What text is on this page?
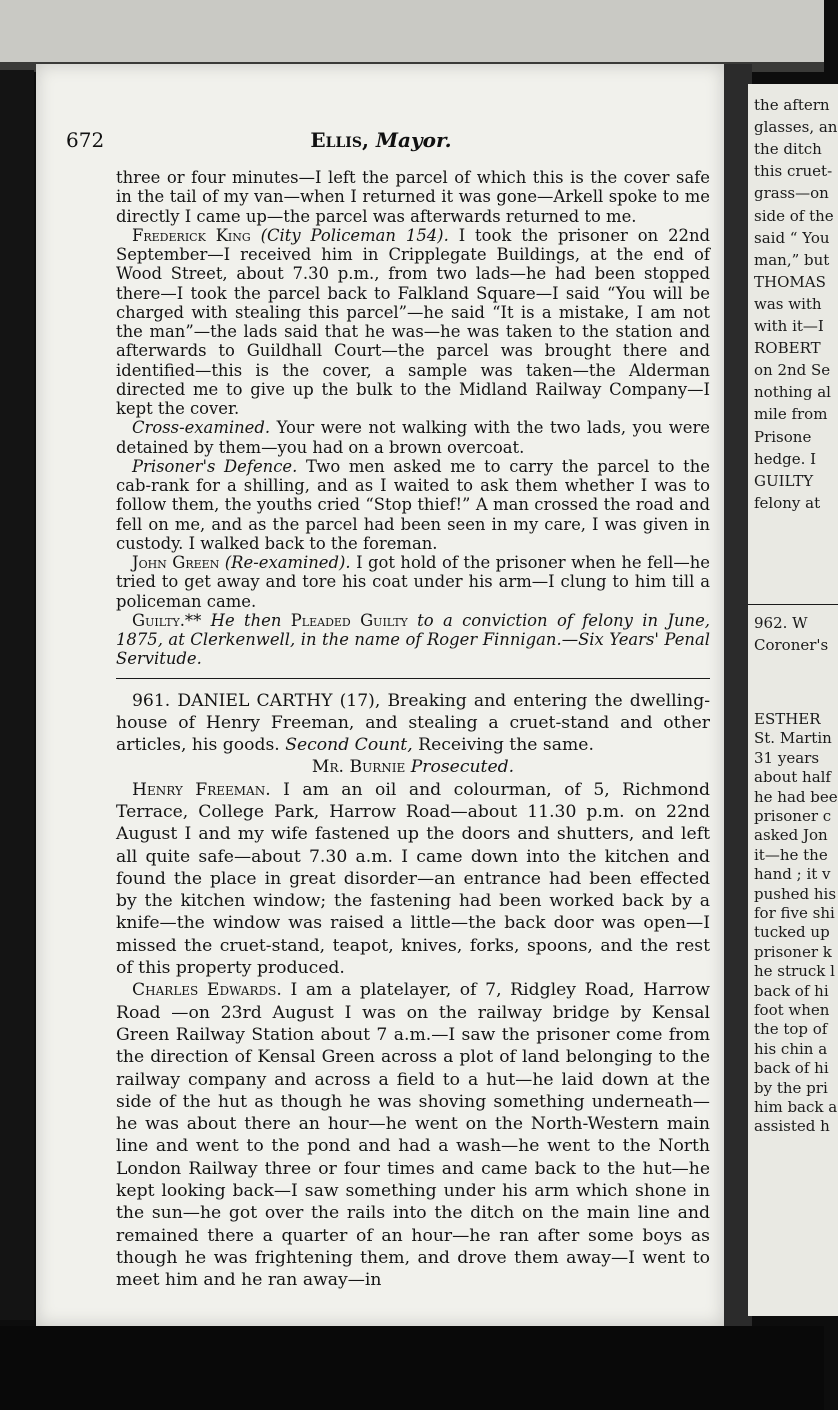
672	Ellis, Mayor.

three or four minutes—I left the parcel of which this is the cover safe in the tail of my van—when I returned it was gone—Arkell spoke to me directly I came up—the parcel was afterwards returned to me.

Frederick King (City Policeman 154). I took the prisoner on 22nd September—I received him in Cripplegate Buildings, at the end of Wood Street, about 7.30 p.m., from two lads—he had been stopped there—I took the parcel back to Falkland Square—I said “You will be charged with stealing this parcel”—he said “It is a mistake, I am not the man”—the lads said that he was—he was taken to the station and afterwards to Guildhall Court—the parcel was brought there and identified—this is the cover, a sample was taken—the Alderman directed me to give up the bulk to the Midland Railway Company—I kept the cover.

Cross-examined. Your were not walking with the two lads, you were detained by them—you had on a brown overcoat.

Prisoner's Defence. Two men asked me to carry the parcel to the cab-rank for a shilling, and as I waited to ask them whether I was to follow them, the youths cried “Stop thief!” A man crossed the road and fell on me, and as the parcel had been seen in my care, I was given in custody. I walked back to the foreman.

John Green (Re-examined). I got hold of the prisoner when he fell—he tried to get away and tore his coat under his arm—I clung to him till a policeman came.

Guilty.** He then Pleaded Guilty to a conviction of felony in June, 1875, at Clerkenwell, in the name of Roger Finnigan.—Six Years' Penal Servitude.

961. DANIEL CARTHY (17), Breaking and entering the dwelling-house of Henry Freeman, and stealing a cruet-stand and other articles, his goods. Second Count, Receiving the same.

Mr. Burnie Prosecuted.

Henry Freeman. I am an oil and colourman, of 5, Richmond Terrace, College Park, Harrow Road—about 11.30 p.m. on 22nd August I and my wife fastened up the doors and shutters, and left all quite safe—about 7.30 a.m. I came down into the kitchen and found the place in great disorder—an entrance had been effected by the kitchen window; the fastening had been worked back by a knife—the window was raised a little—the back door was open—I missed the cruet-stand, teapot, knives, forks, spoons, and the rest of this property produced.

Charles Edwards. I am a platelayer, of 7, Ridgley Road, Harrow Road —on 23rd August I was on the railway bridge by Kensal Green Railway Station about 7 a.m.—I saw the prisoner come from the direction of Kensal Green across a plot of land belonging to the railway company and across a field to a hut—he laid down at the side of the hut as though he was shoving something underneath—he was about there an hour—he went on the North-Western main line and went to the pond and had a wash—he went to the North London Railway three or four times and came back to the hut—he kept looking back—I saw something under his arm which shone in the sun—he got over the rails into the ditch on the main line and remained there a quarter of an hour—he ran after some boys as though he was frightening them, and drove them away—I went to meet him and he ran away—in

the aftern
glasses, an
the ditch
this cruet-
grass—on
side of the
said “ You
man,” but
THOMAS
was with
with it—I
ROBERT
on 2nd Se
nothing al
mile from
Prisone
hedge. I
GUILTY
felony at
962. W
Coroner's
ESTHER
St. Martin
31 years
about half
he had bee
prisoner c
asked Jon
it—he the
hand ; it v
pushed his
for five shi
tucked up
prisoner k
he struck l
back of hi
foot when
the top of
his chin a
back of hi
by the pri
him back a
assisted h
